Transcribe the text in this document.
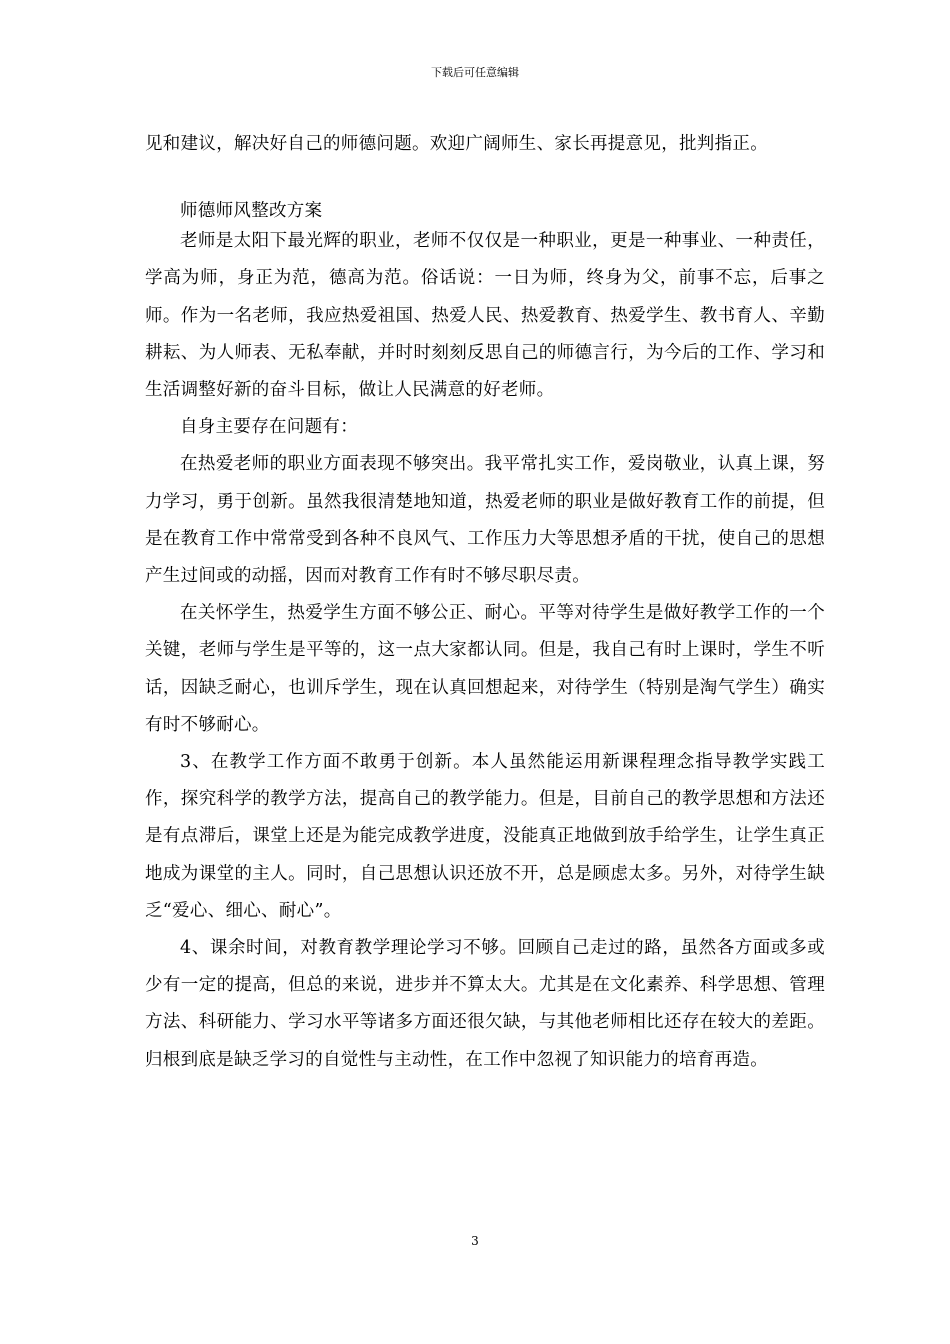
下载后可任意编辑

见和建议，解决好自己的师德问题。欢迎广阔师生、家长再提意见，批判指正。

师德师风整改方案

老师是太阳下最光辉的职业，老师不仅仅是一种职业，更是一种事业、一种责任，学高为师，身正为范，德高为范。俗话说：一日为师，终身为父，前事不忘，后事之师。作为一名老师，我应热爱祖国、热爱人民、热爱教育、热爱学生、教书育人、辛勤耕耘、为人师表、无私奉献，并时时刻刻反思自己的师德言行，为今后的工作、学习和生活调整好新的奋斗目标，做让人民满意的好老师。

自身主要存在问题有：

在热爱老师的职业方面表现不够突出。我平常扎实工作，爱岗敬业，认真上课，努力学习，勇于创新。虽然我很清楚地知道，热爱老师的职业是做好教育工作的前提，但是在教育工作中常常受到各种不良风气、工作压力大等思想矛盾的干扰，使自己的思想产生过间或的动摇，因而对教育工作有时不够尽职尽责。

在关怀学生，热爱学生方面不够公正、耐心。平等对待学生是做好教学工作的一个关键，老师与学生是平等的，这一点大家都认同。但是，我自己有时上课时，学生不听话，因缺乏耐心，也训斥学生，现在认真回想起来，对待学生（特别是淘气学生）确实有时不够耐心。

3、在教学工作方面不敢勇于创新。本人虽然能运用新课程理念指导教学实践工作，探究科学的教学方法，提高自己的教学能力。但是，目前自己的教学思想和方法还是有点滞后，课堂上还是为能完成教学进度，没能真正地做到放手给学生，让学生真正地成为课堂的主人。同时，自己思想认识还放不开，总是顾虑太多。另外，对待学生缺乏“爱心、细心、耐心”。

4、课余时间，对教育教学理论学习不够。回顾自己走过的路，虽然各方面或多或少有一定的提高，但总的来说，进步并不算太大。尤其是在文化素养、科学思想、管理方法、科研能力、学习水平等诸多方面还很欠缺，与其他老师相比还存在较大的差距。归根到底是缺乏学习的自觉性与主动性，在工作中忽视了知识能力的培育再造。

3
